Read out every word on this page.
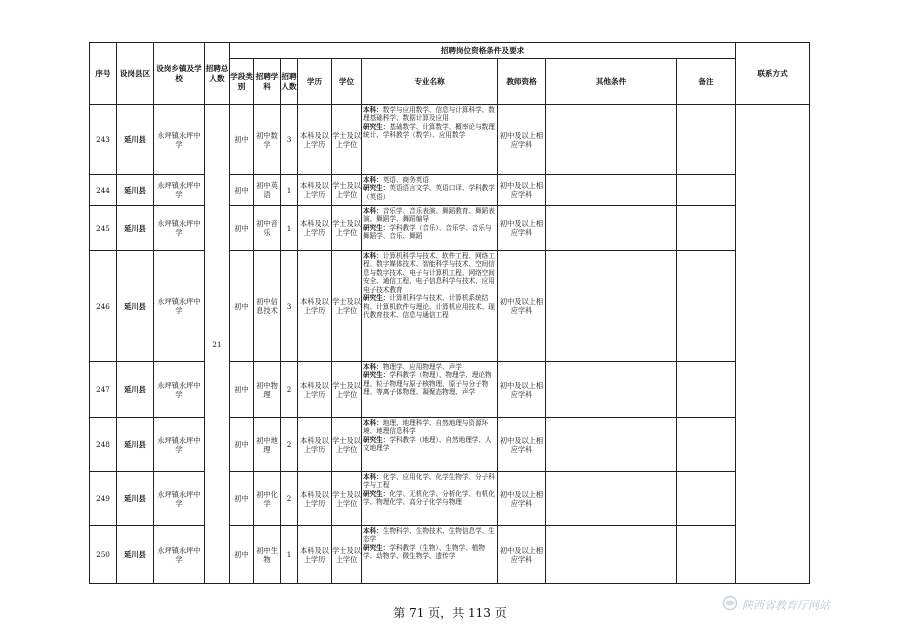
序号	设岗县区	设岗乡镇及学校	招聘总人数	招聘岗位资格条件及要求									联系方式
				学段类别	招聘学科	招聘人数	学历	学位	专业名称	教师资格	其他条件	备注	
243	延川县	永坪镇永坪中学	21	初中	初中数学	3	本科及以上学历	学士及以上学位	本科：数学与应用数学、信息与计算科学、数理基础科学、数据计算及应用
研究生：基础数学、计算数学、概率论与数理统计、学科教学（数学）、应用数学	初中及以上相应学科			
244	延川县	永坪镇永坪中学		初中	初中英语	1	本科及以上学历	学士及以上学位	本科：英语、商务英语
研究生：英语语言文学、英语口译、学科教学（英语）	初中及以上相应学科			
245	延川县	永坪镇永坪中学		初中	初中音乐	1	本科及以上学历	学士及以上学位	本科：音乐学、音乐表演、舞蹈教育、舞蹈表演、舞蹈学、舞蹈编导
研究生：学科教学（音乐）、音乐学、音乐与舞蹈学、音乐、舞蹈	初中及以上相应学科			
246	延川县	永坪镇永坪中学		初中	初中信息技术	3	本科及以上学历	学士及以上学位	本科：计算机科学与技术、软件工程、网络工程、数字媒体技术、智能科学与技术、空间信息与数字技术、电子与计算机工程、网络空间安全、通信工程、电子信息科学与技术、应用电子技术教育
研究生：计算机科学与技术、计算机系统结构、计算机软件与理论、计算机应用技术、现代教育技术、信息与通信工程	初中及以上相应学科			
247	延川县	永坪镇永坪中学		初中	初中物理	2	本科及以上学历	学士及以上学位	本科：物理学、应用物理学、声学
研究生：学科教学（物理）、物理学、理论物理、粒子物理与原子核物理、原子与分子物理、等离子体物理、凝聚态物理、声学	初中及以上相应学科			
248	延川县	永坪镇永坪中学		初中	初中地理	2	本科及以上学历	学士及以上学位	本科：地理、地理科学、自然地理与资源环境、地理信息科学
研究生：学科教学（地理）、自然地理学、人文地理学	初中及以上相应学科			
249	延川县	永坪镇永坪中学		初中	初中化学	2	本科及以上学历	学士及以上学位	本科：化学、应用化学、化学生物学、分子科学与工程
研究生：化学、无机化学、分析化学、有机化学、物理化学、高分子化学与物理	初中及以上相应学科			
250	延川县	永坪镇永坪中学		初中	初中生物	1	本科及以上学历	学士及以上学位	本科：生物科学、生物技术、生物信息学、生态学
研究生：学科教学（生物）、生物学、植物学、动物学、微生物学、遗传学	初中及以上相应学科			
第 71 页，共 113 页
陕西省教育厅网站
